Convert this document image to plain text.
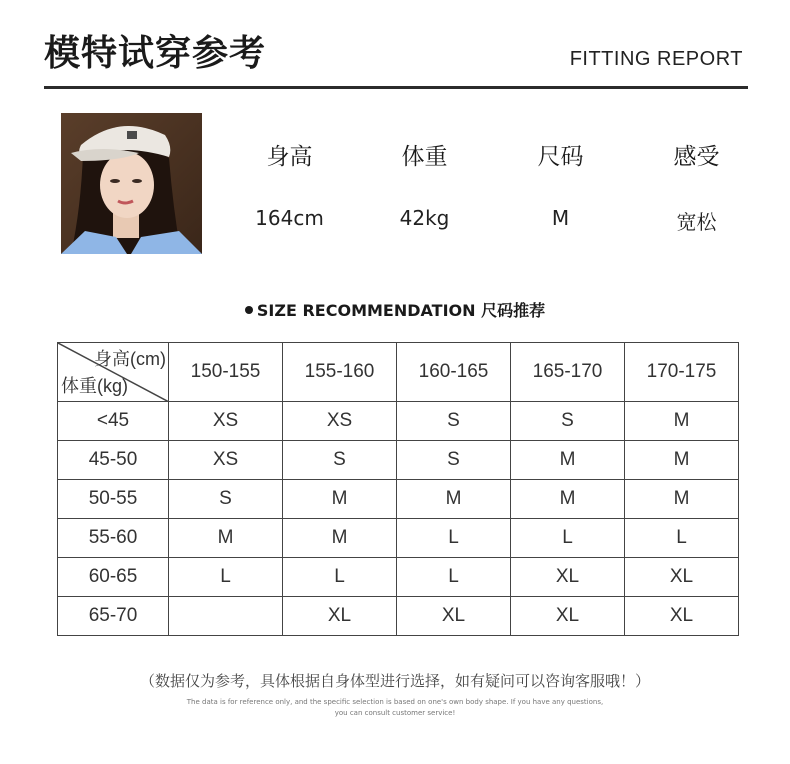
模特试穿参考	FITTING REPORT
身高	体重	尺码	感受
164cm	42kg	M	宽松
SIZE RECOMMENDATION 尺码推荐
身高(cm)
体重(kg)	150-155	155-160	160-165	165-170	170-175
<45	XS	XS	S	S	M
45-50	XS	S	S	M	M
50-55	S	M	M	M	M
55-60	M	M	L	L	L
60-65	L	L	L	XL	XL
65-70		XL	XL	XL	XL
（数据仅为参考，具体根据自身体型进行选择，如有疑问可以咨询客服哦！）
The data is for reference only, and the specific selection is based on one's own body shape. If you have any questions,
you can consult customer service!
